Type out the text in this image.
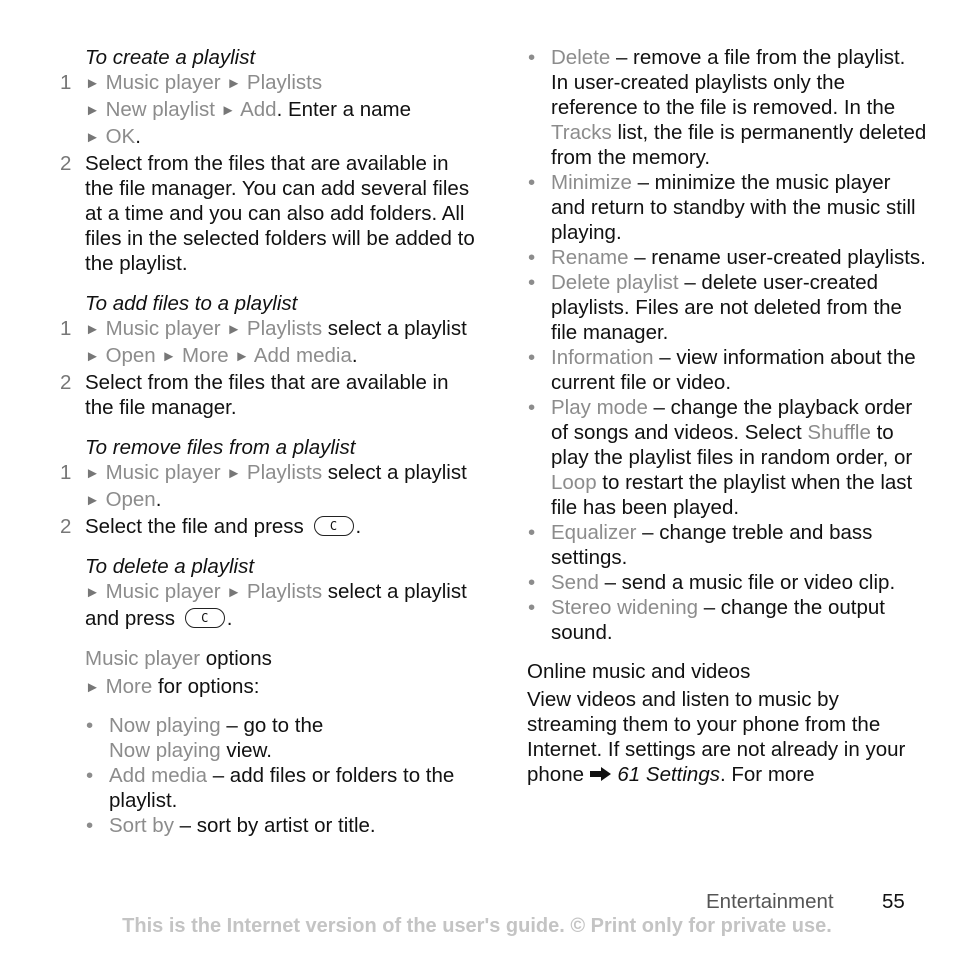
To create a playlist
1 ► Music player ► Playlists
► New playlist ► Add. Enter a name
► OK.
2 Select from the files that are available in the file manager. You can add several files at a time and you can also add folders. All files in the selected folders will be added to the playlist.
To add files to a playlist
1 ► Music player ► Playlists select a playlist ► Open ► More ► Add media.
2 Select from the files that are available in the file manager.
To remove files from a playlist
1 ► Music player ► Playlists select a playlist ► Open.
2 Select the file and press C .
To delete a playlist
► Music player ► Playlists select a playlist and press C .
Music player options
► More for options:
• Now playing – go to the
Now playing view.
• Add media – add files or folders to the playlist.
• Sort by – sort by artist or title.
• Delete – remove a file from the playlist. In user-created playlists only the reference to the file is removed. In the Tracks list, the file is permanently deleted from the memory.
• Minimize – minimize the music player and return to standby with the music still playing.
• Rename – rename user-created playlists.
• Delete playlist – delete user-created playlists. Files are not deleted from the file manager.
• Information – view information about the current file or video.
• Play mode – change the playback order of songs and videos. Select Shuffle to play the playlist files in random order, or Loop to restart the playlist when the last file has been played.
• Equalizer – change treble and bass settings.
• Send – send a music file or video clip.
• Stereo widening – change the output sound.
Online music and videos
View videos and listen to music by streaming them to your phone from the Internet. If settings are not already in your phone  61 Settings. For more
Entertainment 55
This is the Internet version of the user's guide. © Print only for private use.
